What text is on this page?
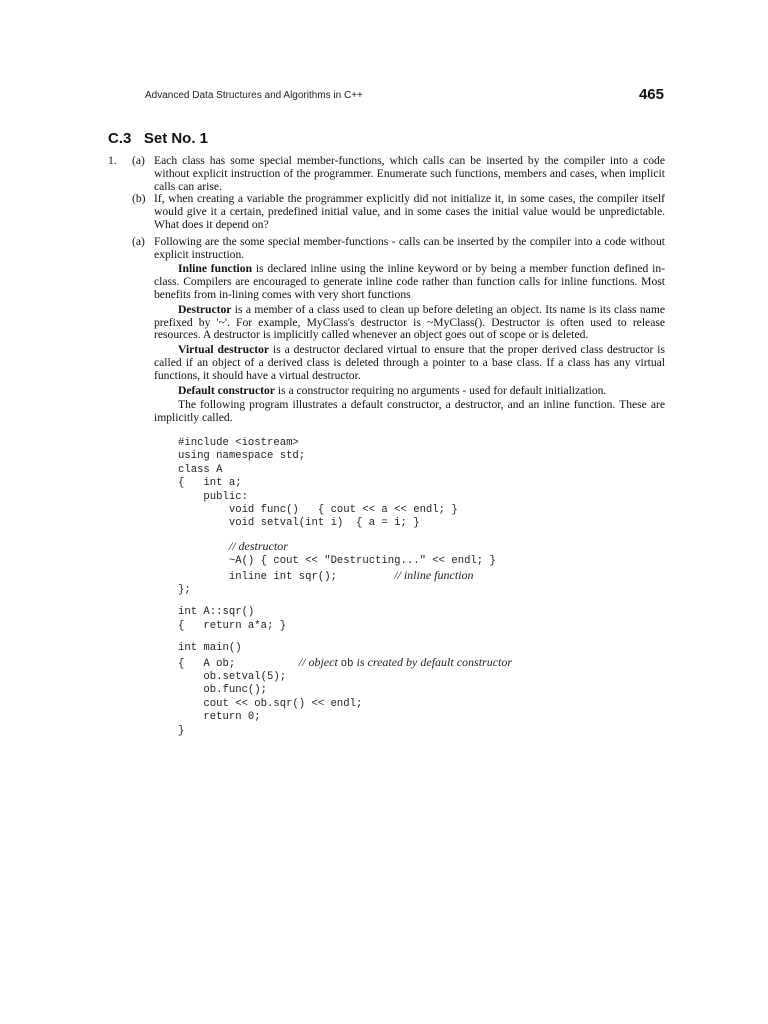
Advanced Data Structures and Algorithms in C++	465
C.3   Set No. 1
1. (a) Each class has some special member-functions, which calls can be inserted by the compiler into a code without explicit instruction of the programmer. Enumerate such functions, members and cases, when implicit calls can arise.
(b) If, when creating a variable the programmer explicitly did not initialize it, in some cases, the compiler itself would give it a certain, predefined initial value, and in some cases the initial value would be unpredictable. What does it depend on?
(a) Following are the some special member-functions - calls can be inserted by the compiler into a code without explicit instruction.

Inline function is declared inline using the inline keyword or by being a member function defined in-class. Compilers are encouraged to generate inline code rather than function calls for inline functions. Most benefits from in-lining comes with very short functions

Destructor is a member of a class used to clean up before deleting an object. Its name is its class name prefixed by '~'. For example, MyClass's destructor is ~MyClass(). Destructor is often used to release resources. A destructor is implicitly called whenever an object goes out of scope or is deleted.

Virtual destructor is a destructor declared virtual to ensure that the proper derived class destructor is called if an object of a derived class is deleted through a pointer to a base class. If a class has any virtual functions, it should have a virtual destructor.

Default constructor is a constructor requiring no arguments - used for default initialization.

The following program illustrates a default constructor, a destructor, and an inline function. These are implicitly called.

#include <iostream>
using namespace std;
class A
{   int a;
public:
void func()   { cout << a << endl; }
void setval(int i)  { a = i; }
// destructor
~A() { cout << "Destructing..." << endl; }
inline int sqr();	// inline function
};
int A::sqr()
{   return a*a; }
int main()
{   A ob;	// object ob is created by default constructor
ob.setval(5);
ob.func();
cout << ob.sqr() << endl;
return 0;
}
